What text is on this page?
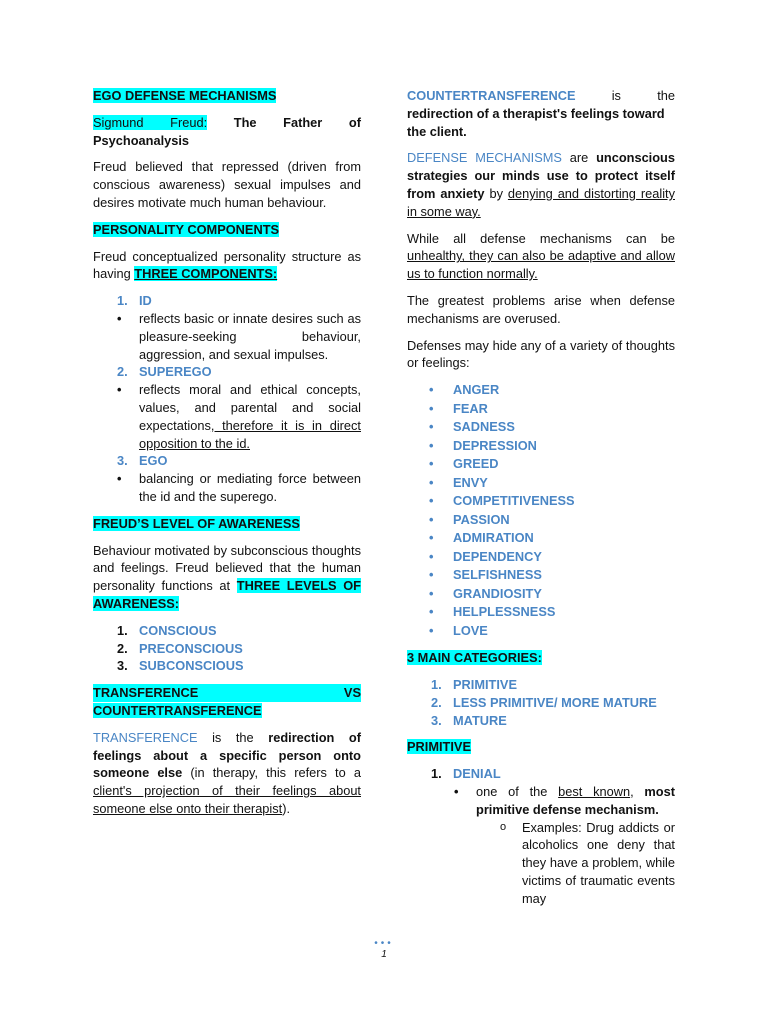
EGO DEFENSE MECHANISMS

Sigmund Freud: The Father of Psychoanalysis

Freud believed that repressed (driven from conscious awareness) sexual impulses and desires motivate much human behaviour.

PERSONALITY COMPONENTS

Freud conceptualized personality structure as having THREE COMPONENTS:

1. ID
• reflects basic or innate desires such as pleasure-seeking behaviour, aggression, and sexual impulses.
2. SUPEREGO
• reflects moral and ethical concepts, values, and parental and social expectations, therefore it is in direct opposition to the id.
3. EGO
• balancing or mediating force between the id and the superego.

FREUD’S LEVEL OF AWARENESS

Behaviour motivated by subconscious thoughts and feelings. Freud believed that the human personality functions at THREE LEVELS OF AWARENESS:

1. CONSCIOUS
2. PRECONSCIOUS
3. SUBCONSCIOUS
TRANSFERENCE	VS
COUNTERTRANSFERENCE

TRANSFERENCE is the redirection of feelings about a specific person onto someone else (in therapy, this refers to a client's projection of their feelings about someone else onto their therapist).

COUNTERTRANSFERENCE	is	the
redirection of a therapist's feelings toward the client.

DEFENSE MECHANISMS are unconscious strategies our minds use to protect itself from anxiety by denying and distorting reality in some way.

While all defense mechanisms can be unhealthy, they can also be adaptive and allow us to function normally.

The greatest problems arise when defense mechanisms are overused.

Defenses may hide any of a variety of thoughts or feelings:

• ANGER
• FEAR
• SADNESS
• DEPRESSION
• GREED
• ENVY
• COMPETITIVENESS
• PASSION
• ADMIRATION
• DEPENDENCY
• SELFISHNESS
• GRANDIOSITY
• HELPLESSNESS
• LOVE

3 MAIN CATEGORIES:

1. PRIMITIVE
2. LESS PRIMITIVE/ MORE MATURE
3. MATURE

PRIMITIVE

1. DENIAL
• one of the best known, most primitive defense mechanism.
o Examples: Drug addicts or alcoholics one deny that they have a problem, while victims of traumatic events may
•••
1
